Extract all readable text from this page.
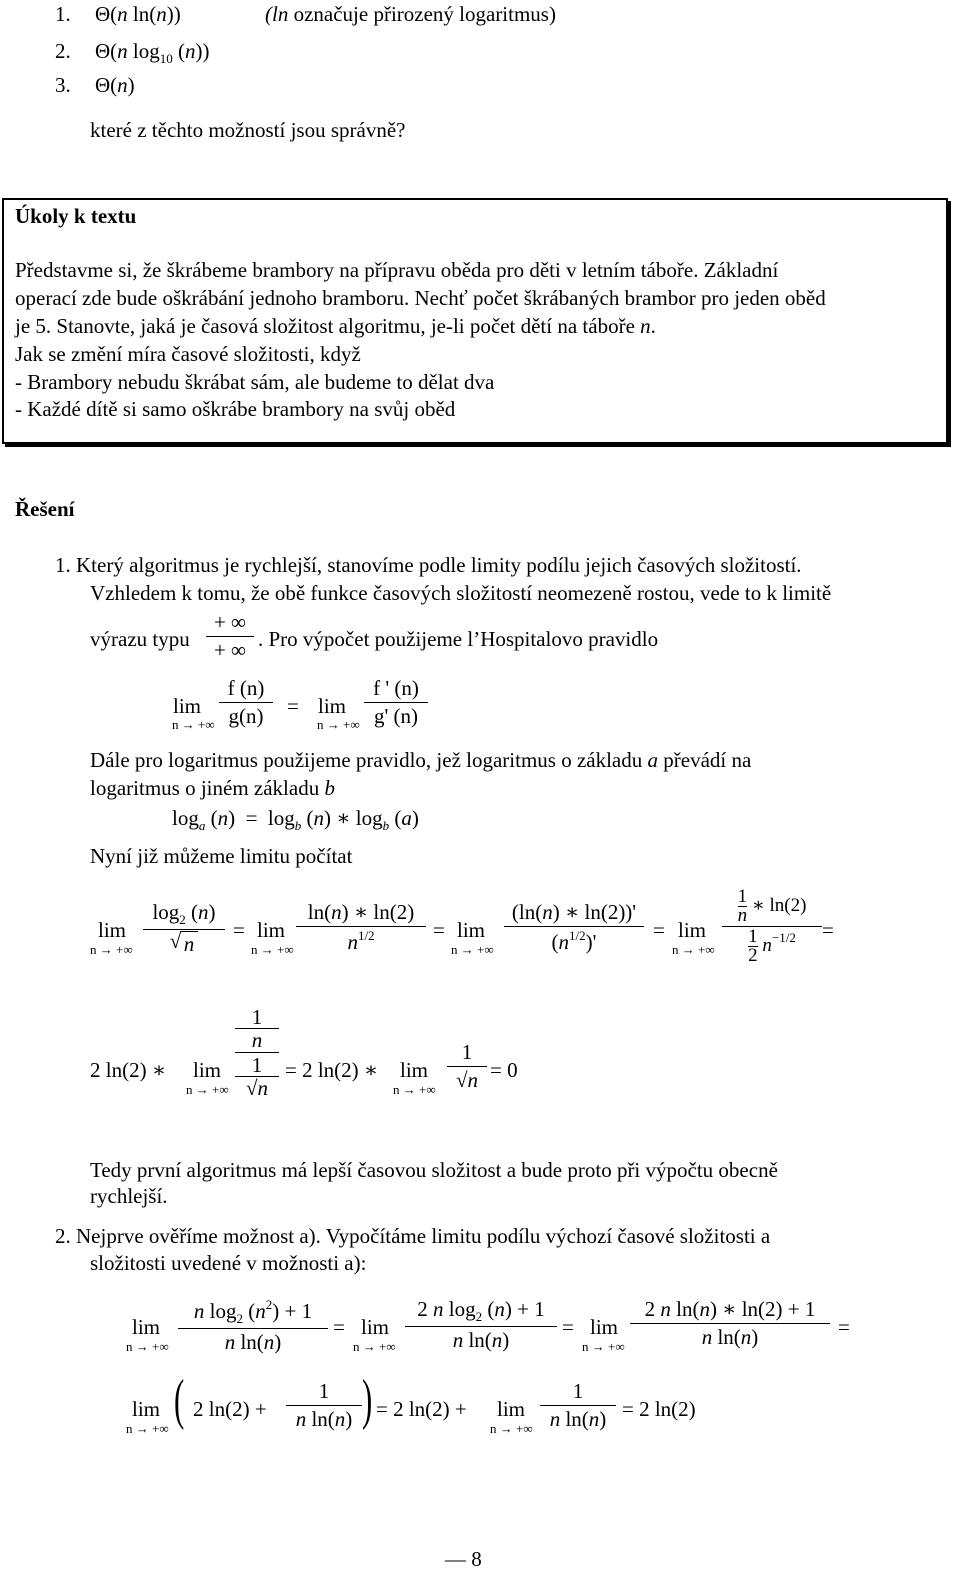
1. Θ(n ln(n))	(ln označuje přirozený logaritmus)
2. Θ(n $\log_{10} (n)$)
3. Θ(n)
které z těchto možností jsou správně?
Úkoly k textu
Představme si, že škrábeme brambory na přípravu oběda pro děti v letním táboře. Základní
operací zde bude oškrábání jednoho bramboru. Nechť počet škrábaných brambor pro jeden oběd
je 5. Stanovte, jaká je časová složitost algoritmu, je-li počet dětí na táboře n.
Jak se změní míra časové složitosti, když
- Brambory nebudu škrábat sám, ale budeme to dělat dva
- Každé dítě si samo oškrábe brambory na svůj oběd
Řešení
1. Který algoritmus je rychlejší, stanovíme podle limity podílu jejich časových složitostí.
Vzhledem k tomu, že obě funkce časových složitostí neomezeně rostou, vede to k limitě
výrazu typu
+ ∞
+ ∞ . Pro výpočet použijeme l’Hospitalovo pravidlo
lim
n → +∞
f (n)
g(n)	= lim
n → +∞
f ' (n)
g' (n)
Dále pro logaritmus použijeme pravidlo, jež logaritmus o základu a převádí na
logaritmus o jiném základu b
$\log_a (n) = \log_b (n)$ ∗ $\log_b (a)$
Nyní již můžeme limitu počítat
lim
n → +∞
$\log_2 (n)$
√ n
= lim
n → +∞
ln(n) ∗ ln(2)
$n^{1/2}$	= lim
n → +∞
(ln(n) ∗ ln(2))'
$(n^{1/2})'$	= lim
n → +∞
1

n ∗ ln(2)
1

2 $n^{-1/2}$	=
2 ln(2) ∗ lim
n → +∞
1

n
1

√n
= 2 ln(2) ∗ lim
n → +∞
1
√n = 0
Tedy první algoritmus má lepší časovou složitost a bude proto při výpočtu obecně
rychlejší.
2. Nejprve ověříme možnost a). Vypočítáme limitu podílu výchozí časové složitosti a
složitosti uvedené v možnosti a):
lim
n → +∞
n $\log_2 (n^2) + 1$
n ln(n)
= lim
n → +∞
2 n $\log_2 (n) + 1$
n ln(n)
= lim
n → +∞
2 n ln(n) ∗ ln(2) + 1
n ln(n)	=
lim
n → +∞ ( 2 ln(2) +
1
n ln(n) ) = 2 ln(2) + lim
n → +∞
1
n ln(n) = 2 ln(2)
— 8
